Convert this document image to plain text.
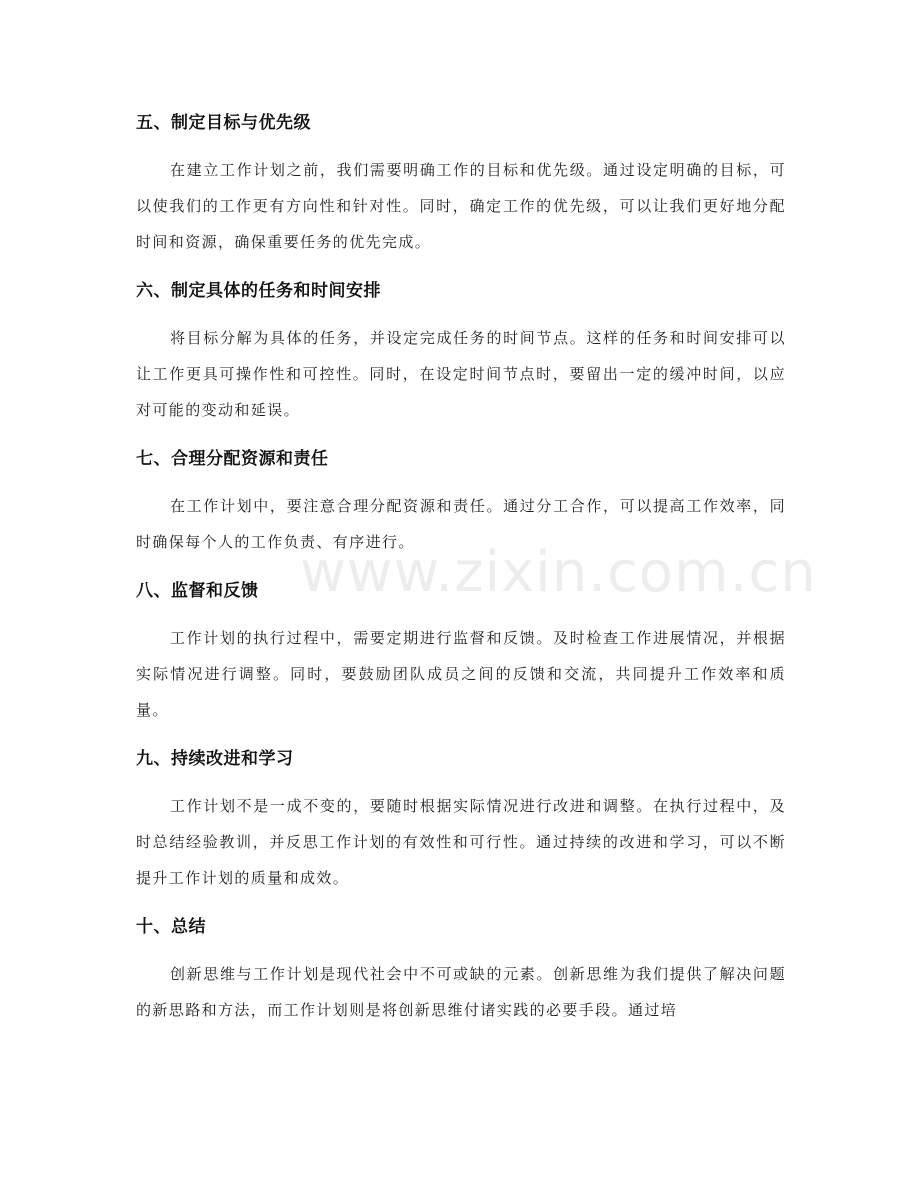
www.zixin.com.cn
五、制定目标与优先级

在建立工作计划之前，我们需要明确工作的目标和优先级。通过设定明确的目标，可以使我们的工作更有方向性和针对性。同时，确定工作的优先级，可以让我们更好地分配时间和资源，确保重要任务的优先完成。

六、制定具体的任务和时间安排

将目标分解为具体的任务，并设定完成任务的时间节点。这样的任务和时间安排可以让工作更具可操作性和可控性。同时，在设定时间节点时，要留出一定的缓冲时间，以应对可能的变动和延误。

七、合理分配资源和责任

在工作计划中，要注意合理分配资源和责任。通过分工合作，可以提高工作效率，同时确保每个人的工作负责、有序进行。

八、监督和反馈

工作计划的执行过程中，需要定期进行监督和反馈。及时检查工作进展情况，并根据实际情况进行调整。同时，要鼓励团队成员之间的反馈和交流，共同提升工作效率和质量。

九、持续改进和学习

工作计划不是一成不变的，要随时根据实际情况进行改进和调整。在执行过程中，及时总结经验教训，并反思工作计划的有效性和可行性。通过持续的改进和学习，可以不断提升工作计划的质量和成效。

十、总结

创新思维与工作计划是现代社会中不可或缺的元素。创新思维为我们提供了解决问题的新思路和方法，而工作计划则是将创新思维付诸实践的必要手段。通过培
